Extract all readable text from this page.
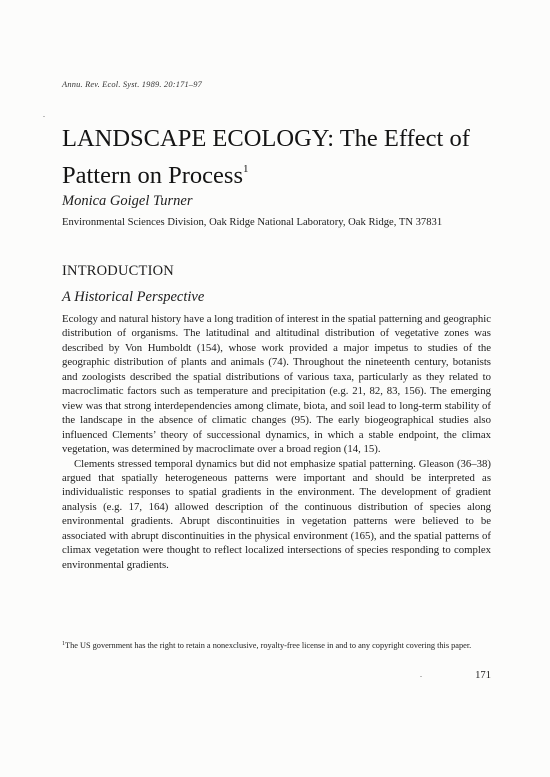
Annu. Rev. Ecol. Syst. 1989. 20:171–97
LANDSCAPE ECOLOGY: The Effect of Pattern on Process$^1$
Monica Goigel Turner
Environmental Sciences Division, Oak Ridge National Laboratory, Oak Ridge, TN 37831
INTRODUCTION
A Historical Perspective

Ecology and natural history have a long tradition of interest in the spatial patterning and geographic distribution of organisms. The latitudinal and altitudinal distribution of vegetative zones was described by Von Humboldt (154), whose work provided a major impetus to studies of the geographic distribution of plants and animals (74). Throughout the nineteenth century, botanists and zoologists described the spatial distributions of various taxa, particularly as they related to macroclimatic factors such as temperature and precipitation (e.g. 21, 82, 83, 156). The emerging view was that strong interdependencies among climate, biota, and soil lead to long-term stability of the landscape in the absence of climatic changes (95). The early biogeographical studies also influenced Clements’ theory of successional dynamics, in which a stable endpoint, the climax vegetation, was determined by macroclimate over a broad region (14, 15).

Clements stressed temporal dynamics but did not emphasize spatial patterning. Gleason (36–38) argued that spatially heterogeneous patterns were important and should be interpreted as individualistic responses to spatial gradients in the environment. The development of gradient analysis (e.g. 17, 164) allowed description of the continuous distribution of species along environmental gradients. Abrupt discontinuities in vegetation patterns were believed to be associated with abrupt discontinuities in the physical environment (165), and the spatial patterns of climax vegetation were thought to reflect localized intersections of species responding to complex environmental gradients.

$^1$The US government has the right to retain a nonexclusive, royalty-free license in and to any copyright covering this paper.
171
